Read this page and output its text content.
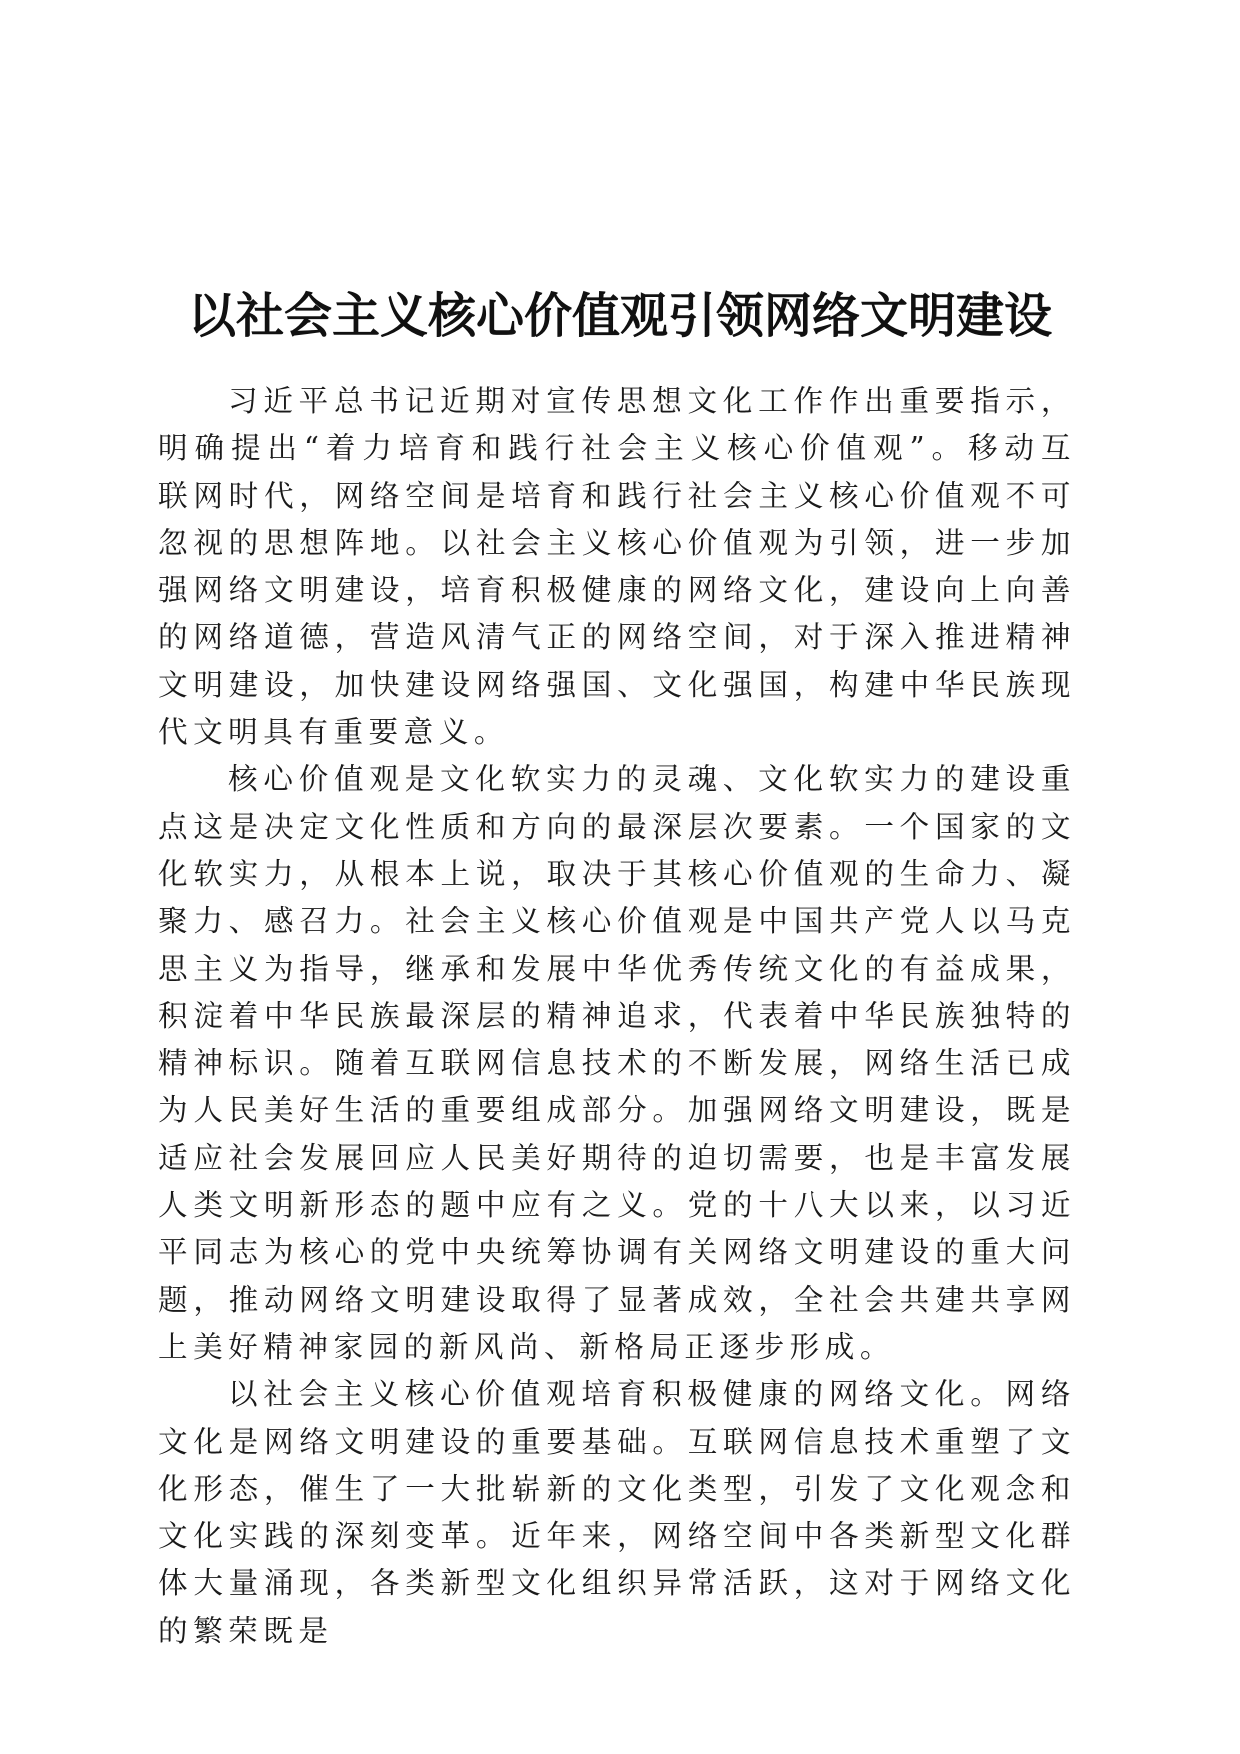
以社会主义核心价值观引领网络文明建设

习近平总书记近期对宣传思想文化工作作出重要指示，明确提出“着力培育和践行社会主义核心价值观”。移动互联网时代，网络空间是培育和践行社会主义核心价值观不可忽视的思想阵地。以社会主义核心价值观为引领，进一步加强网络文明建设，培育积极健康的网络文化，建设向上向善的网络道德，营造风清气正的网络空间，对于深入推进精神文明建设，加快建设网络强国、文化强国，构建中华民族现代文明具有重要意义。

核心价值观是文化软实力的灵魂、文化软实力的建设重点这是决定文化性质和方向的最深层次要素。一个国家的文化软实力，从根本上说，取决于其核心价值观的生命力、凝聚力、感召力。社会主义核心价值观是中国共产党人以马克思主义为指导，继承和发展中华优秀传统文化的有益成果，积淀着中华民族最深层的精神追求，代表着中华民族独特的精神标识。随着互联网信息技术的不断发展，网络生活已成为人民美好生活的重要组成部分。加强网络文明建设，既是适应社会发展回应人民美好期待的迫切需要，也是丰富发展人类文明新形态的题中应有之义。党的十八大以来，以习近平同志为核心的党中央统筹协调有关网络文明建设的重大问题，推动网络文明建设取得了显著成效，全社会共建共享网上美好精神家园的新风尚、新格局正逐步形成。

以社会主义核心价值观培育积极健康的网络文化。网络文化是网络文明建设的重要基础。互联网信息技术重塑了文化形态，催生了一大批崭新的文化类型，引发了文化观念和文化实践的深刻变革。近年来，网络空间中各类新型文化群体大量涌现，各类新型文化组织异常活跃，这对于网络文化的繁荣既是
